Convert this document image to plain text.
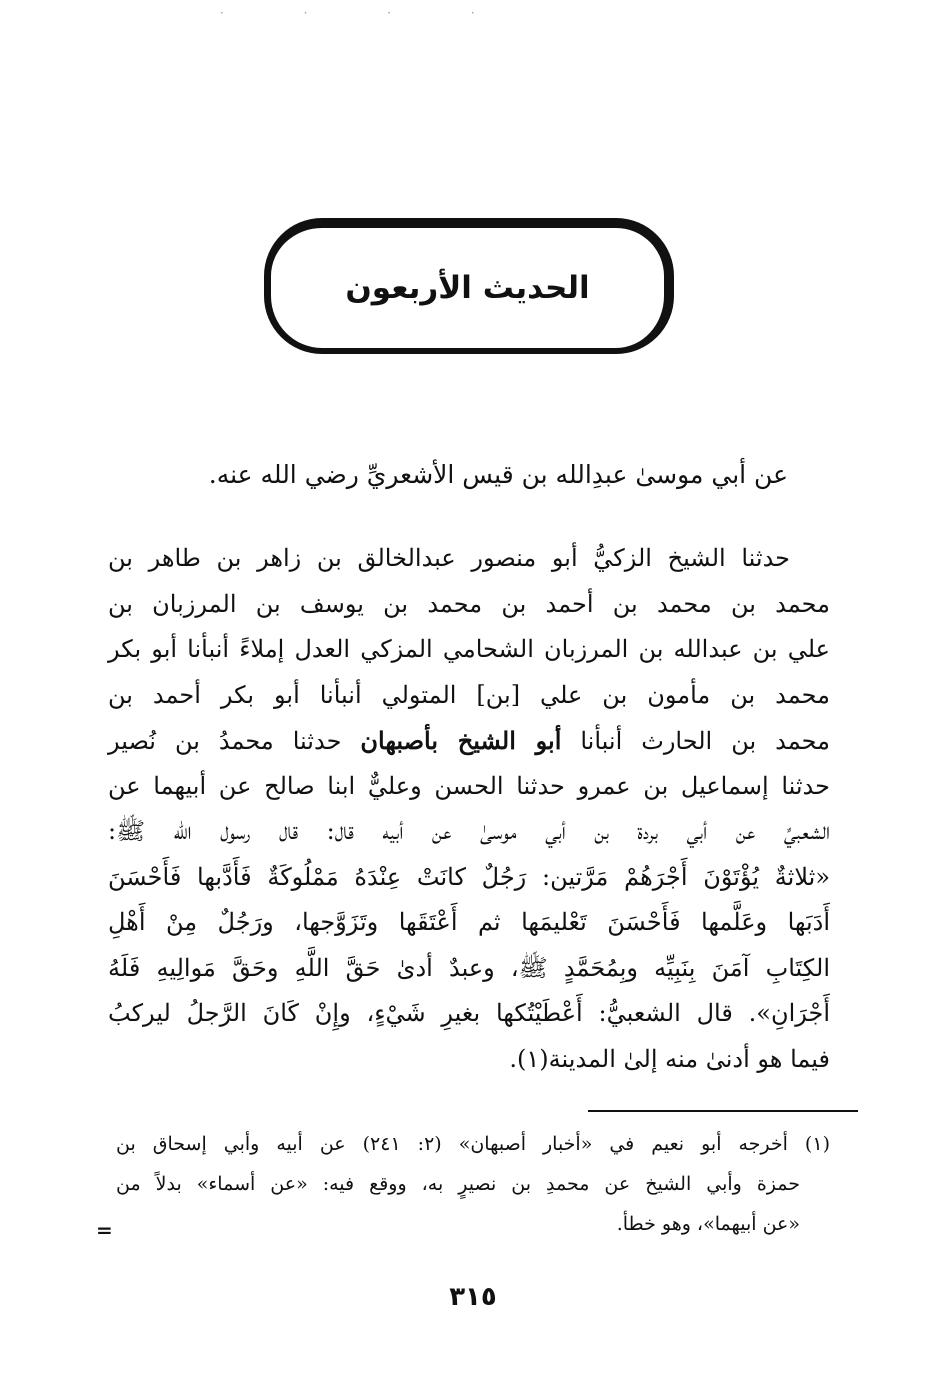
· · · ·
الحديث الأربعون
عن أبي موسىٰ عبدِالله بن قيس الأشعريِّ رضي الله عنه.
حدثنا الشيخ الزكيُّ أبو منصور عبدالخالق بن زاهر بن طاهر بن
محمد بن محمد بن أحمد بن محمد بن يوسف بن المرزبان بن
علي بن عبدالله بن المرزبان الشحامي المزكي العدل إملاءً أنبأنا أبو بكر
محمد بن مأمون بن علي [بن] المتولي أنبأنا أبو بكر أحمد بن
محمد بن الحارث أنبأنا أبو الشيخ بأصبهان حدثنا محمدُ بن نُصير
حدثنا إسماعيل بن عمرو حدثنا الحسن وعليٌّ ابنا صالح عن أبيهما عن
الشعبيِّ عن أبي بردة بن أبي موسىٰ عن أبيه قال: قال رسول الله ﷺ:
«ثلاثةٌ يُؤْتَوْنَ أَجْرَهُمْ مَرَّتين: رَجُلٌ كانَتْ عِنْدَهُ مَمْلُوكَةٌ فَأَدَّبها فَأَحْسَنَ
أَدَبَها وعَلَّمها فَأَحْسَنَ تَعْليمَها ثم أَعْتَقَها وتَزَوَّجها، ورَجُلٌ مِنْ أَهْلِ
الكِتَابِ آمَنَ بِنَبِيِّه وبِمُحَمَّدٍ ﷺ، وعبدٌ أدىٰ حَقَّ اللَّهِ وحَقَّ مَوالِيهِ فَلَهُ
أَجْرَانِ». قال الشعبيُّ: أَعْطَيْتُكها بغيرِ شَيْءٍ، وإِنْ كَانَ الرَّجلُ ليركبُ
فيما هو أدنىٰ منه إلىٰ المدينة(١).
(١) أخرجه أبو نعيم في «أخبار أصبهان» (٢: ٢٤١) عن أبيه وأبي إسحاق بن
حمزة وأبي الشيخ عن محمدِ بن نصيرٍ به، ووقع فيه: «عن أسماء» بدلاً من
«عن أبيهما»، وهو خطأ.
=
٣١٥
